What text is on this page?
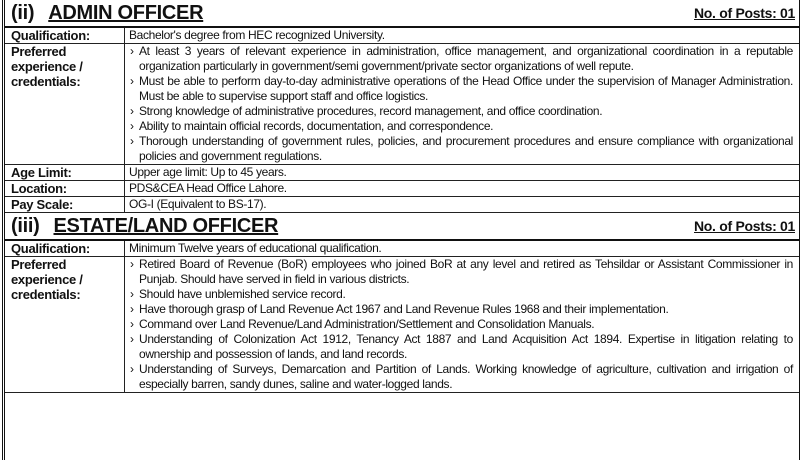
(ii) ADMIN OFFICER	No. of Posts: 01
Qualification:	Bachelor's degree from HEC recognized University.
Preferred experience / credentials:
› At least 3 years of relevant experience in administration, office management, and organizational coordination in a reputable organization particularly in government/semi government/private sector organizations of well repute.
› Must be able to perform day-to-day administrative operations of the Head Office under the supervision of Manager Administration. Must be able to supervise support staff and office logistics.
› Strong knowledge of administrative procedures, record management, and office coordination.
› Ability to maintain official records, documentation, and correspondence.
› Thorough understanding of government rules, policies, and procurement procedures and ensure compliance with organizational policies and government regulations.
Age Limit:	Upper age limit: Up to 45 years.
Location:	PDS&CEA Head Office Lahore.
Pay Scale:	OG-I (Equivalent to BS-17).
(iii) ESTATE/LAND OFFICER	No. of Posts: 01
Qualification:	Minimum Twelve years of educational qualification.
Preferred experience / credentials:
› Retired Board of Revenue (BoR) employees who joined BoR at any level and retired as Tehsildar or Assistant Commissioner in Punjab. Should have served in field in various districts.
› Should have unblemished service record.
› Have thorough grasp of Land Revenue Act 1967 and Land Revenue Rules 1968 and their implementation.
› Command over Land Revenue/Land Administration/Settlement and Consolidation Manuals.
› Understanding of Colonization Act 1912, Tenancy Act 1887 and Land Acquisition Act 1894. Expertise in litigation relating to ownership and possession of lands, and land records.
› Understanding of Surveys, Demarcation and Partition of Lands. Working knowledge of agriculture, cultivation and irrigation of especially barren, sandy dunes, saline and water-logged lands.
